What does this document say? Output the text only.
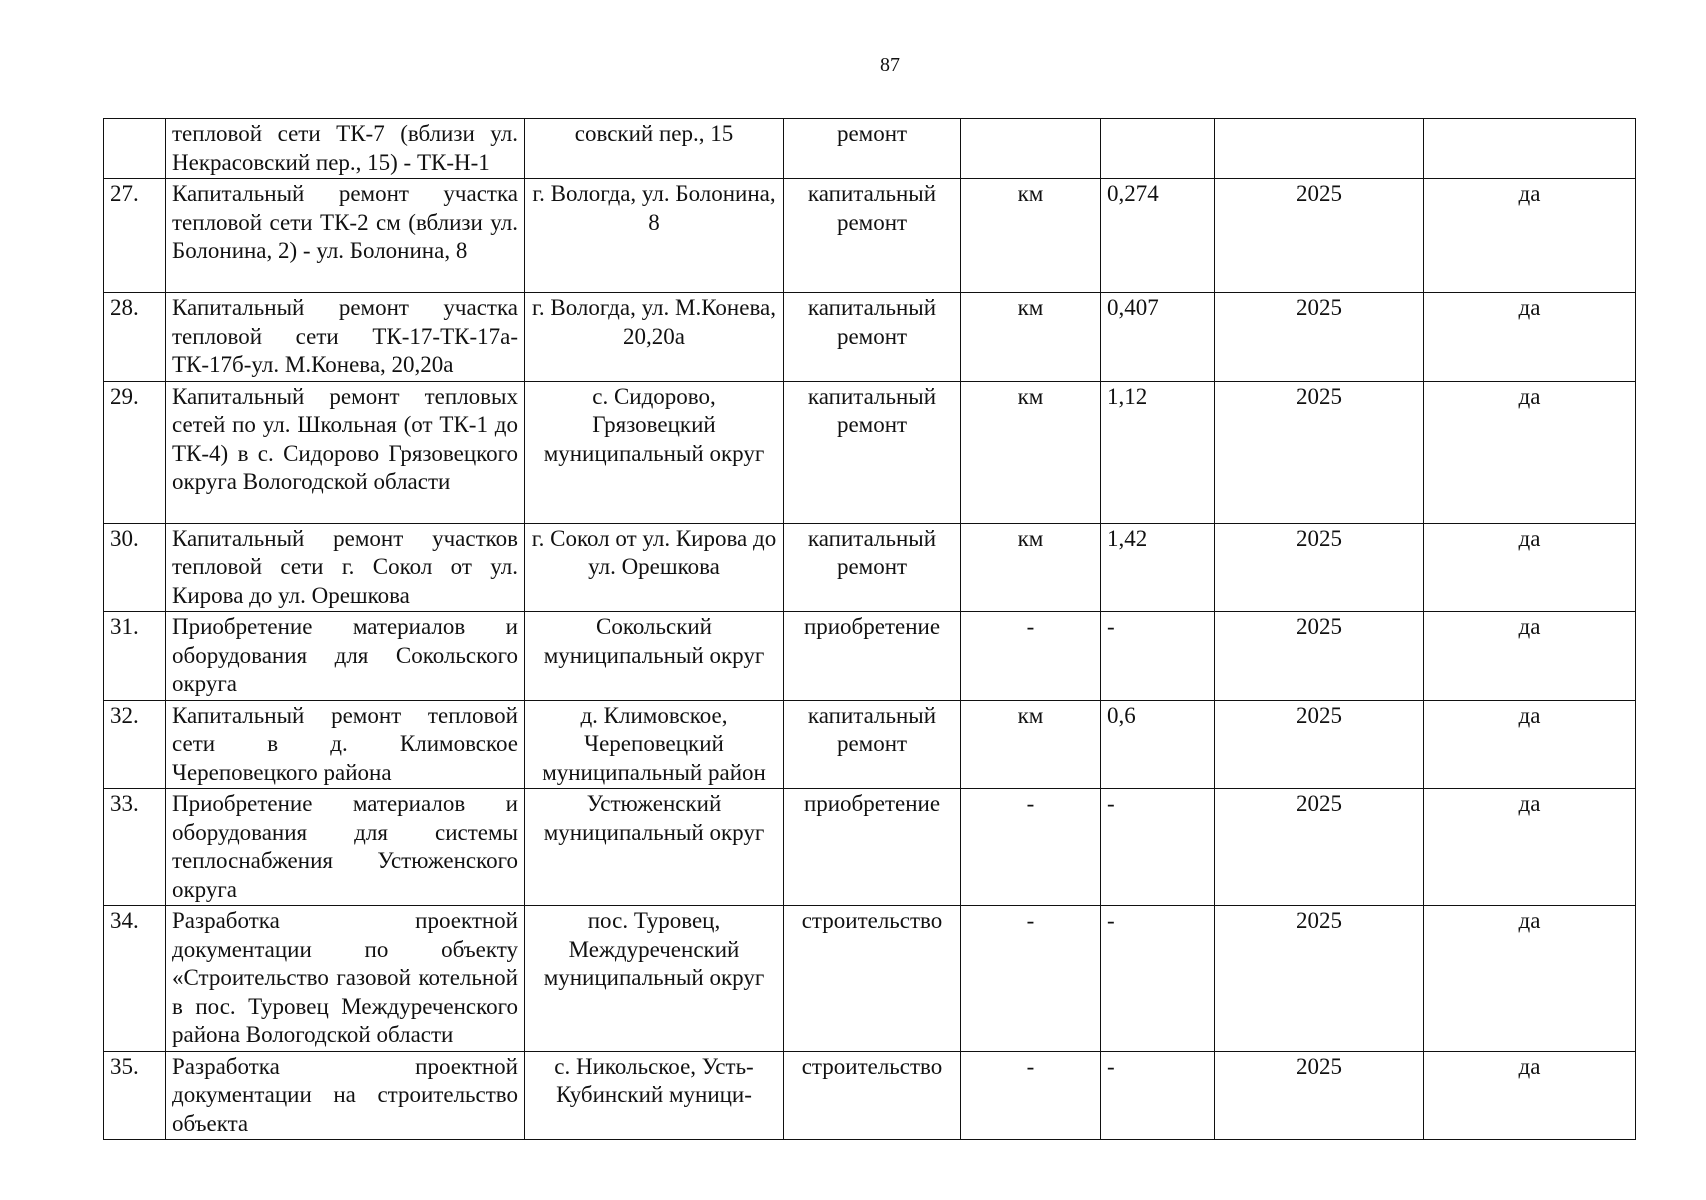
87
	тепловой сети ТК-7 (вблизи ул. Некрасовский пер., 15) - ТК-Н-1	совский пер., 15	ремонт				
27.	Капитальный ремонт участка тепловой сети ТК-2 см (вблизи ул. Болонина, 2) - ул. Болонина, 8	г. Вологда, ул. Болонина, 8	капитальный ремонт	км	0,274	2025	да
28.	Капитальный ремонт участка тепловой сети ТК-17-ТК-17а-ТК-17б-ул. М.Конева, 20,20а	г. Вологда, ул. М.Конева, 20,20а	капитальный ремонт	км	0,407	2025	да
29.	Капитальный ремонт тепловых сетей по ул. Школьная (от ТК-1 до ТК-4) в с. Сидорово Грязовецкого округа Вологодской области	с. Сидорово, Грязовецкий муниципальный округ	капитальный ремонт	км	1,12	2025	да
30.	Капитальный ремонт участков тепловой сети г. Сокол от ул. Кирова до ул. Орешкова	г. Сокол от ул. Кирова до ул. Орешкова	капитальный ремонт	км	1,42	2025	да
31.	Приобретение материалов и оборудования для Сокольского округа	Сокольский муниципальный округ	приобретение	-	-	2025	да
32.	Капитальный ремонт тепловой сети в д. Климовское Череповецкого района	д. Климовское, Череповецкий муниципальный район	капитальный ремонт	км	0,6	2025	да
33.	Приобретение материалов и оборудования для системы теплоснабжения Устюженского округа	Устюженский муниципальный округ	приобретение	-	-	2025	да
34.	Разработка проектной документации по объекту «Строительство газовой котельной в пос. Туровец Междуреченского района Вологодской области	пос. Туровец, Междуреченский муниципальный округ	строительство	-	-	2025	да
35.	Разработка проектной документации на строительство объекта	с. Никольское, Усть-Кубинский муници-	строительство	-	-	2025	да
